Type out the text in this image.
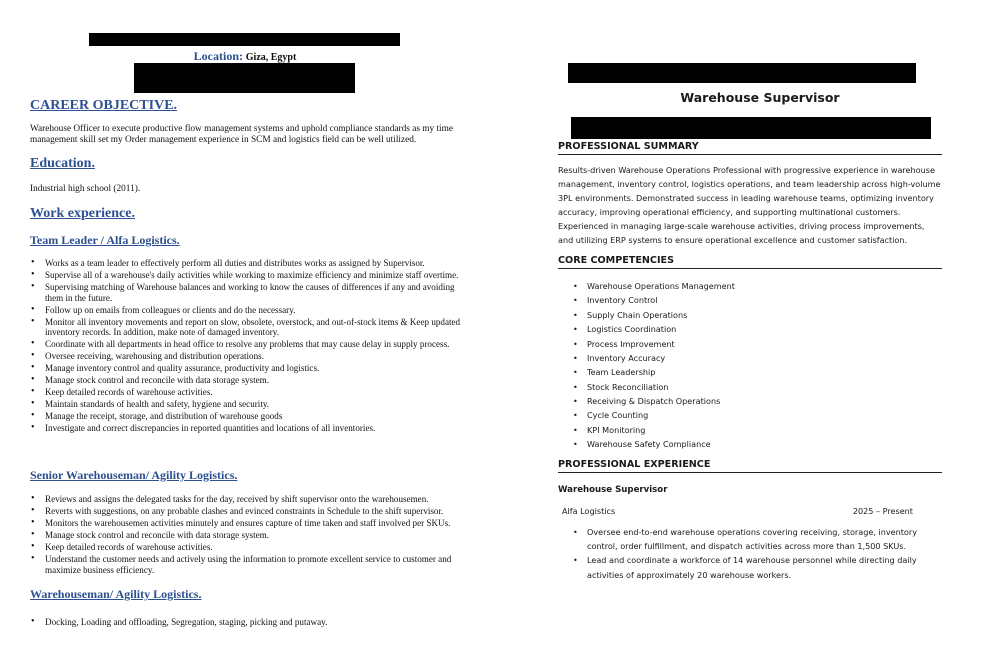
Location: Giza, Egypt
CAREER OBJECTIVE.

Warehouse Officer to execute productive flow management systems and uphold compliance standards as my time management skill set my Order management experience in SCM and logistics field can be well utilized.

Education.

Industrial high school (2011).

Work experience.
Team Leader / Alfa Logistics.
• Works as a team leader to effectively perform all duties and distributes works as assigned by Supervisor.
• Supervise all of a warehouse's daily activities while working to maximize efficiency and minimize staff overtime.
• Supervising matching of Warehouse balances and working to know the causes of differences if any and avoiding them in the future.
• Follow up on emails from colleagues or clients and do the necessary.
• Monitor all inventory movements and report on slow, obsolete, overstock, and out-of-stock items & Keep updated inventory records. In addition, make note of damaged inventory.
• Coordinate with all departments in head office to resolve any problems that may cause delay in supply process.
• Oversee receiving, warehousing and distribution operations.
• Manage inventory control and quality assurance, productivity and logistics.
• Manage stock control and reconcile with data storage system.
• Keep detailed records of warehouse activities.
• Maintain standards of health and safety, hygiene and security.
• Manage the receipt, storage, and distribution of warehouse goods
• Investigate and correct discrepancies in reported quantities and locations of all inventories.
Senior Warehouseman/ Agility Logistics.
• Reviews and assigns the delegated tasks for the day, received by shift supervisor onto the warehousemen.
• Reverts with suggestions, on any probable clashes and evinced constraints in Schedule to the shift supervisor.
• Monitors the warehousemen activities minutely and ensures capture of time taken and staff involved per SKUs.
• Manage stock control and reconcile with data storage system.
• Keep detailed records of warehouse activities.
• Understand the customer needs and actively using the information to promote excellent service to customer and maximize business efficiency.
Warehouseman/ Agility Logistics.
• Docking, Loading and offloading, Segregation, staging, picking and putaway.
Warehouse Supervisor
PROFESSIONAL SUMMARY

Results-driven Warehouse Operations Professional with progressive experience in warehouse management, inventory control, logistics operations, and team leadership across high-volume 3PL environments. Demonstrated success in leading warehouse teams, optimizing inventory accuracy, improving operational efficiency, and supporting multinational customers. Experienced in managing large-scale warehouse activities, driving process improvements, and utilizing ERP systems to ensure operational excellence and customer satisfaction.

CORE COMPETENCIES
• Warehouse Operations Management
• Inventory Control
• Supply Chain Operations
• Logistics Coordination
• Process Improvement
• Inventory Accuracy
• Team Leadership
• Stock Reconciliation
• Receiving & Dispatch Operations
• Cycle Counting
• KPI Monitoring
• Warehouse Safety Compliance
PROFESSIONAL EXPERIENCE

Warehouse Supervisor

Alfa Logistics	2025 – Present

• Oversee end-to-end warehouse operations covering receiving, storage, inventory control, order fulfillment, and dispatch activities across more than 1,500 SKUs.
• Lead and coordinate a workforce of 14 warehouse personnel while directing daily activities of approximately 20 warehouse workers.
